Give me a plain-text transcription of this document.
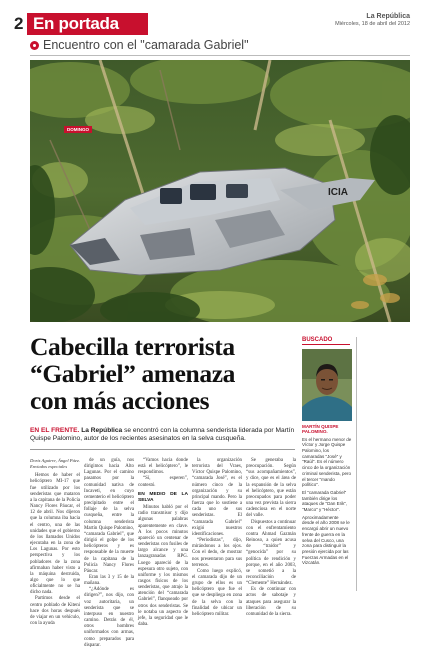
2 En portada	La República
Miércoles, 18 de abril del 2012
Encuentro con el "camarada Gabriel"
ICIA
DOMINGO
Cabecilla terrorista
“Gabriel” amenaza
con más acciones
EN EL FRENTE. La República se encontró con la columna senderista liderada por Martín Quispe Palomino, autor de los recientes asesinatos en la selva cusqueña.

Doris Aguirre, Ángel Páez.
Enviados especiales

Hemos de haber el helicóptero MI-17 que fue utilizado por los senderistas que mataron a la capitana de la Policía Nancy Flores Páucar, el 12 de abril. Nos dijeron que la columna iba hacia el centro, una de las unidades que el gobierno de los llamados Unidos ejecutaba en la zona de Los Lagunas. Por esto perspectiva y los pobladores de la zona afirmaban haber visto a la máquina destruida, algo que lo que oficialmente no se ha dicho nada.

Partimos desde el centro poblado de Kiteni hace dos horas después de viajar en un vehículo, con la ayuda

de un guía, nos dirigimos hacia Alto Lagunas. Por el camino pasamos por la comunidad nativa de Incaveti, en cuyo cementerio el helicóptero precipitado entre el follaje de la selva cusqueña, entre la columna senderista Martín Quispe Palomino, “camarada Gabriel”, que dirigió el golpe de los helicópteros y es responsable de la muerte de la capitana de la Policía Nancy Flores Páucar.

Eran las 3 y 15 de la mañana.

“¿Adónde es dirigen?”, nos dijo, con voz autoritaria, un senderista que se interpuso en nuestro camino. Detrás de él, otros hombres uniformados con armas, como preparados para disparar.

“Vamos hacia donde está el helicóptero”, le respondimos.

“Sí, esperen”, contestó.

EN MEDIO DE LA SELVA

Minutos habló por el radio transmisor y dijo algunas palabras aparentemente en clave. A los pocos minutos apareció un centenar de senderistas con fusiles de largo alcance y una lanzagranadas RPG. Luego apareció de la espesura otro sujeto, con uniforme y los mismos rasgos físicos de los senderistas, que atrajo la atención del “camarada Gabriel”, flanqueado por otros dos senderistas. Se le notaba un aspecto de jefe, la seguridad que le daba.

la organización terrorista del Vraes, Víctor Quispe Palomino, “camarada José”, es el número cinco de la organización y su principal mando. Pero la fuerza que lo sostiene a cada uno de sus senderistas. El “camarada Gabriel” exigió nuestros identificaciones.

“Periodistas”, dijo, mirándonos a los ojos. Con el dedo, de mostrar nos presentaron para sus terrenos.

Como luego explicó, el camarada dijo de un grupo de ellos es un helicóptero que fue el que se despliega en zona de la selva con la finalidad de ubicar un helicóptero militar.

Se generaba la preocupación. Según “sus acompañamientos”, y dice, que es el área de la expansión de la selva el helicóptero, que están preocupados para poder una vez prevista la sierra cadenciosa en el norte del valle.

Dispuestos a continuar con el enfrentamiento contra Ahmad Gazmán Reinoso, a quien acusa de “traidor” y “genocida” por su política de rendición y porque, en el año 2003, se sometió a la reconciliación de “Clemente” Hernández.

Es de continuar con actos de sabotaje y ataques para asegurar la liberación de su comunidad de la sierra.

BUSCADO
MARTÍN QUISPE PALOMINO.

Es el hermano menor de Víctor y Jorge Quispe Palomino, los camaradas "José" y "Raúl". Es el número cinco de la organización criminal senderista, pero el tercer "mando político".

El "camarada Gabriel" también dirige los ataques de "Dan Erik", "Marco" y "Héctor".

Aproximadamente desde el año 2008 se le encargó abrir un nuevo frente de guerra en la selva del Cusco, una zona para distinguir la presión ejercida por las Fuerzas Armadas en el Vizcatán.
